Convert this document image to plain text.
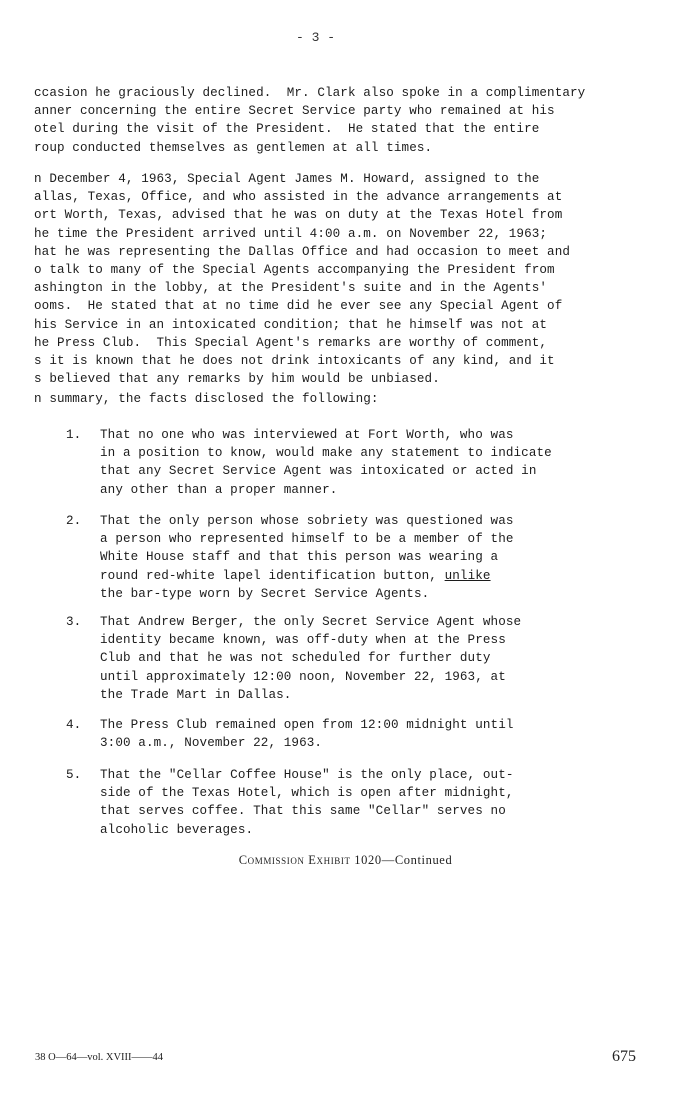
- 3 -
ccasion he graciously declined.  Mr. Clark also spoke in a complimentary
anner concerning the entire Secret Service party who remained at his
otel during the visit of the President.  He stated that the entire
roup conducted themselves as gentlemen at all times.
n December 4, 1963, Special Agent James M. Howard, assigned to the
allas, Texas, Office, and who assisted in the advance arrangements at
ort Worth, Texas, advised that he was on duty at the Texas Hotel from
he time the President arrived until 4:00 a.m. on November 22, 1963;
hat he was representing the Dallas Office and had occasion to meet and
o talk to many of the Special Agents accompanying the President from
ashington in the lobby, at the President's suite and in the Agents'
ooms.  He stated that at no time did he ever see any Special Agent of
his Service in an intoxicated condition; that he himself was not at
he Press Club.  This Special Agent's remarks are worthy of comment,
s it is known that he does not drink intoxicants of any kind, and it
s believed that any remarks by him would be unbiased.
n summary, the facts disclosed the following:

1.

	That no one who was interviewed at Fort Worth, who was
in a position to know, would make any statement to indicate
that any Secret Service Agent was intoxicated or acted in
any other than a proper manner.

2.

	That the only person whose sobriety was questioned was
a person who represented himself to be a member of the
White House staff and that this person was wearing a
round red-white lapel identification button, unlike
the bar-type worn by Secret Service Agents.

3.

	That Andrew Berger, the only Secret Service Agent whose
identity became known, was off-duty when at the Press
Club and that he was not scheduled for further duty
until approximately 12:00 noon, November 22, 1963, at
the Trade Mart in Dallas.

4.

	The Press Club remained open from 12:00 midnight until
3:00 a.m., November 22, 1963.

5.

	That the "Cellar Coffee House" is the only place, out-
side of the Texas Hotel, which is open after midnight,
that serves coffee. That this same "Cellar" serves no
alcoholic beverages.

Commission Exhibit 1020—Continued
38 O—64—vol. XVIII——44	675
